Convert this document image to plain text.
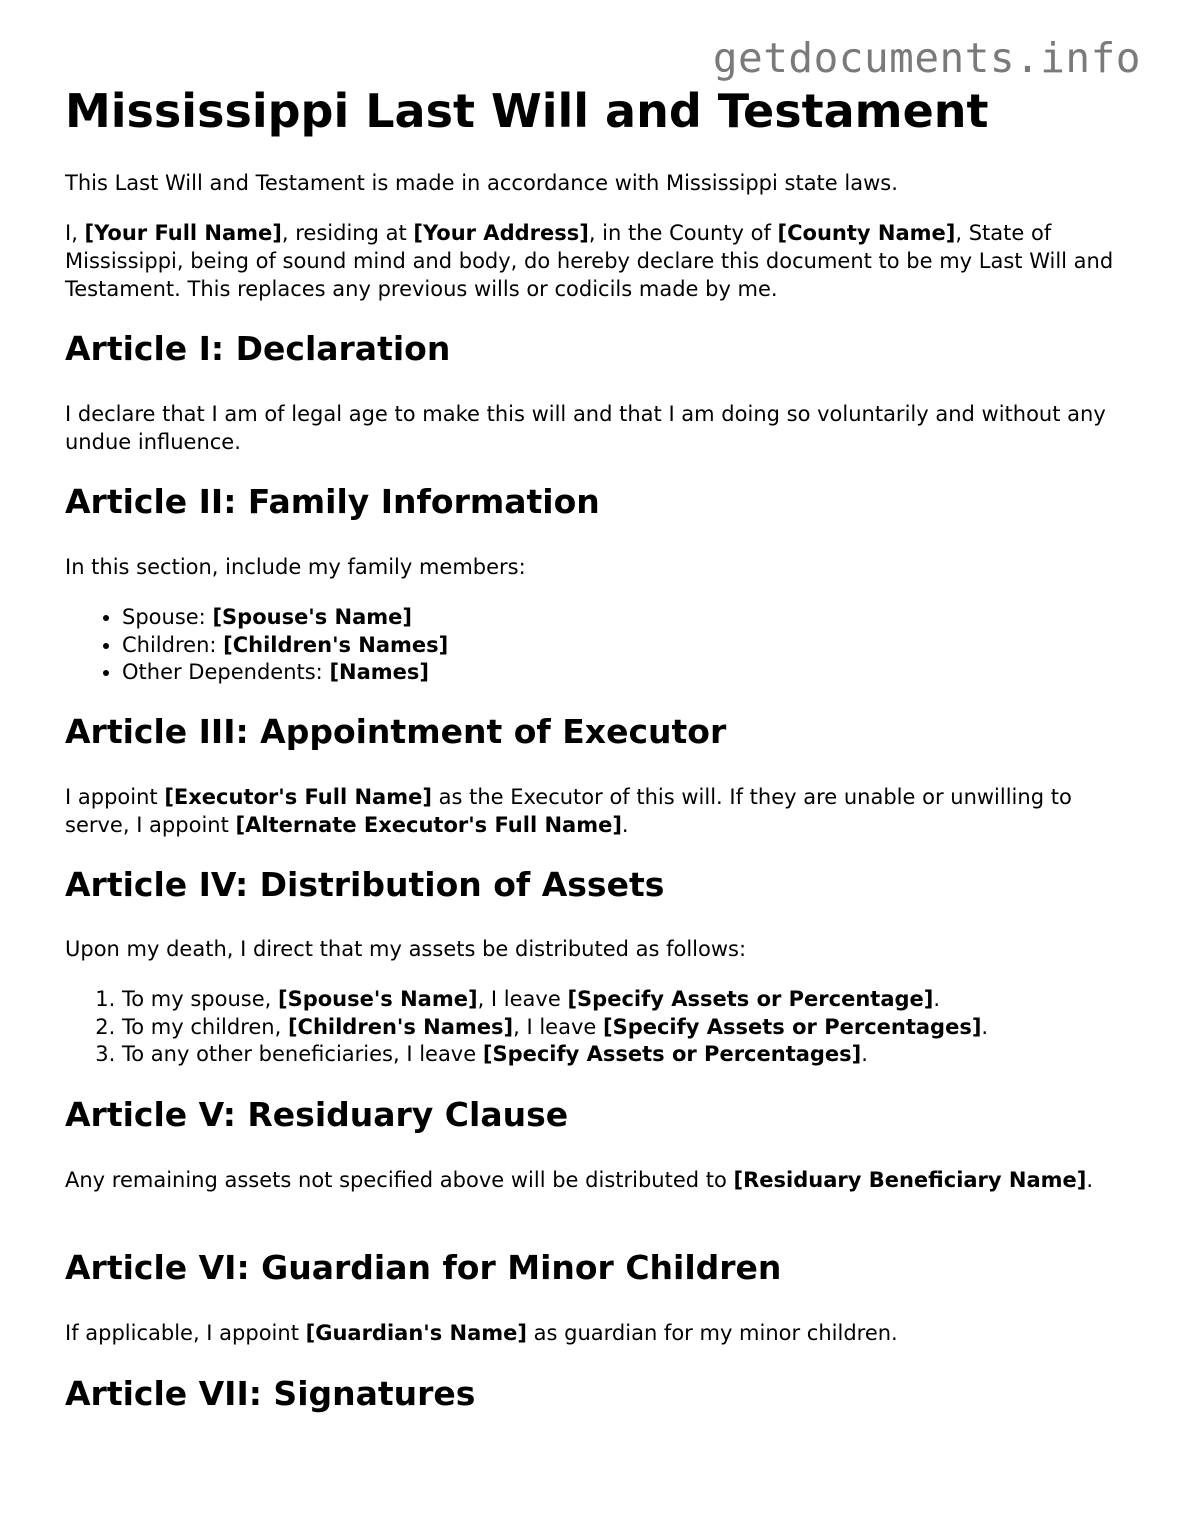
getdocuments.info
Mississippi Last Will and Testament

This Last Will and Testament is made in accordance with Mississippi state laws.

I, [Your Full Name], residing at [Your Address], in the County of [County Name], State of Mississippi, being of sound mind and body, do hereby declare this document to be my Last Will and Testament. This replaces any previous wills or codicils made by me.

Article I: Declaration

I declare that I am of legal age to make this will and that I am doing so voluntarily and without any undue influence.

Article II: Family Information

In this section, include my family members:

• Spouse: [Spouse's Name]
• Children: [Children's Names]
• Other Dependents: [Names]
Article III: Appointment of Executor

I appoint [Executor's Full Name] as the Executor of this will. If they are unable or unwilling to serve, I appoint [Alternate Executor's Full Name].

Article IV: Distribution of Assets

Upon my death, I direct that my assets be distributed as follows:

1. To my spouse, [Spouse's Name], I leave [Specify Assets or Percentage].
2. To my children, [Children's Names], I leave [Specify Assets or Percentages].
3. To any other beneficiaries, I leave [Specify Assets or Percentages].
Article V: Residuary Clause

Any remaining assets not specified above will be distributed to [Residuary Beneficiary Name].

Article VI: Guardian for Minor Children

If applicable, I appoint [Guardian's Name] as guardian for my minor children.

Article VII: Signatures
